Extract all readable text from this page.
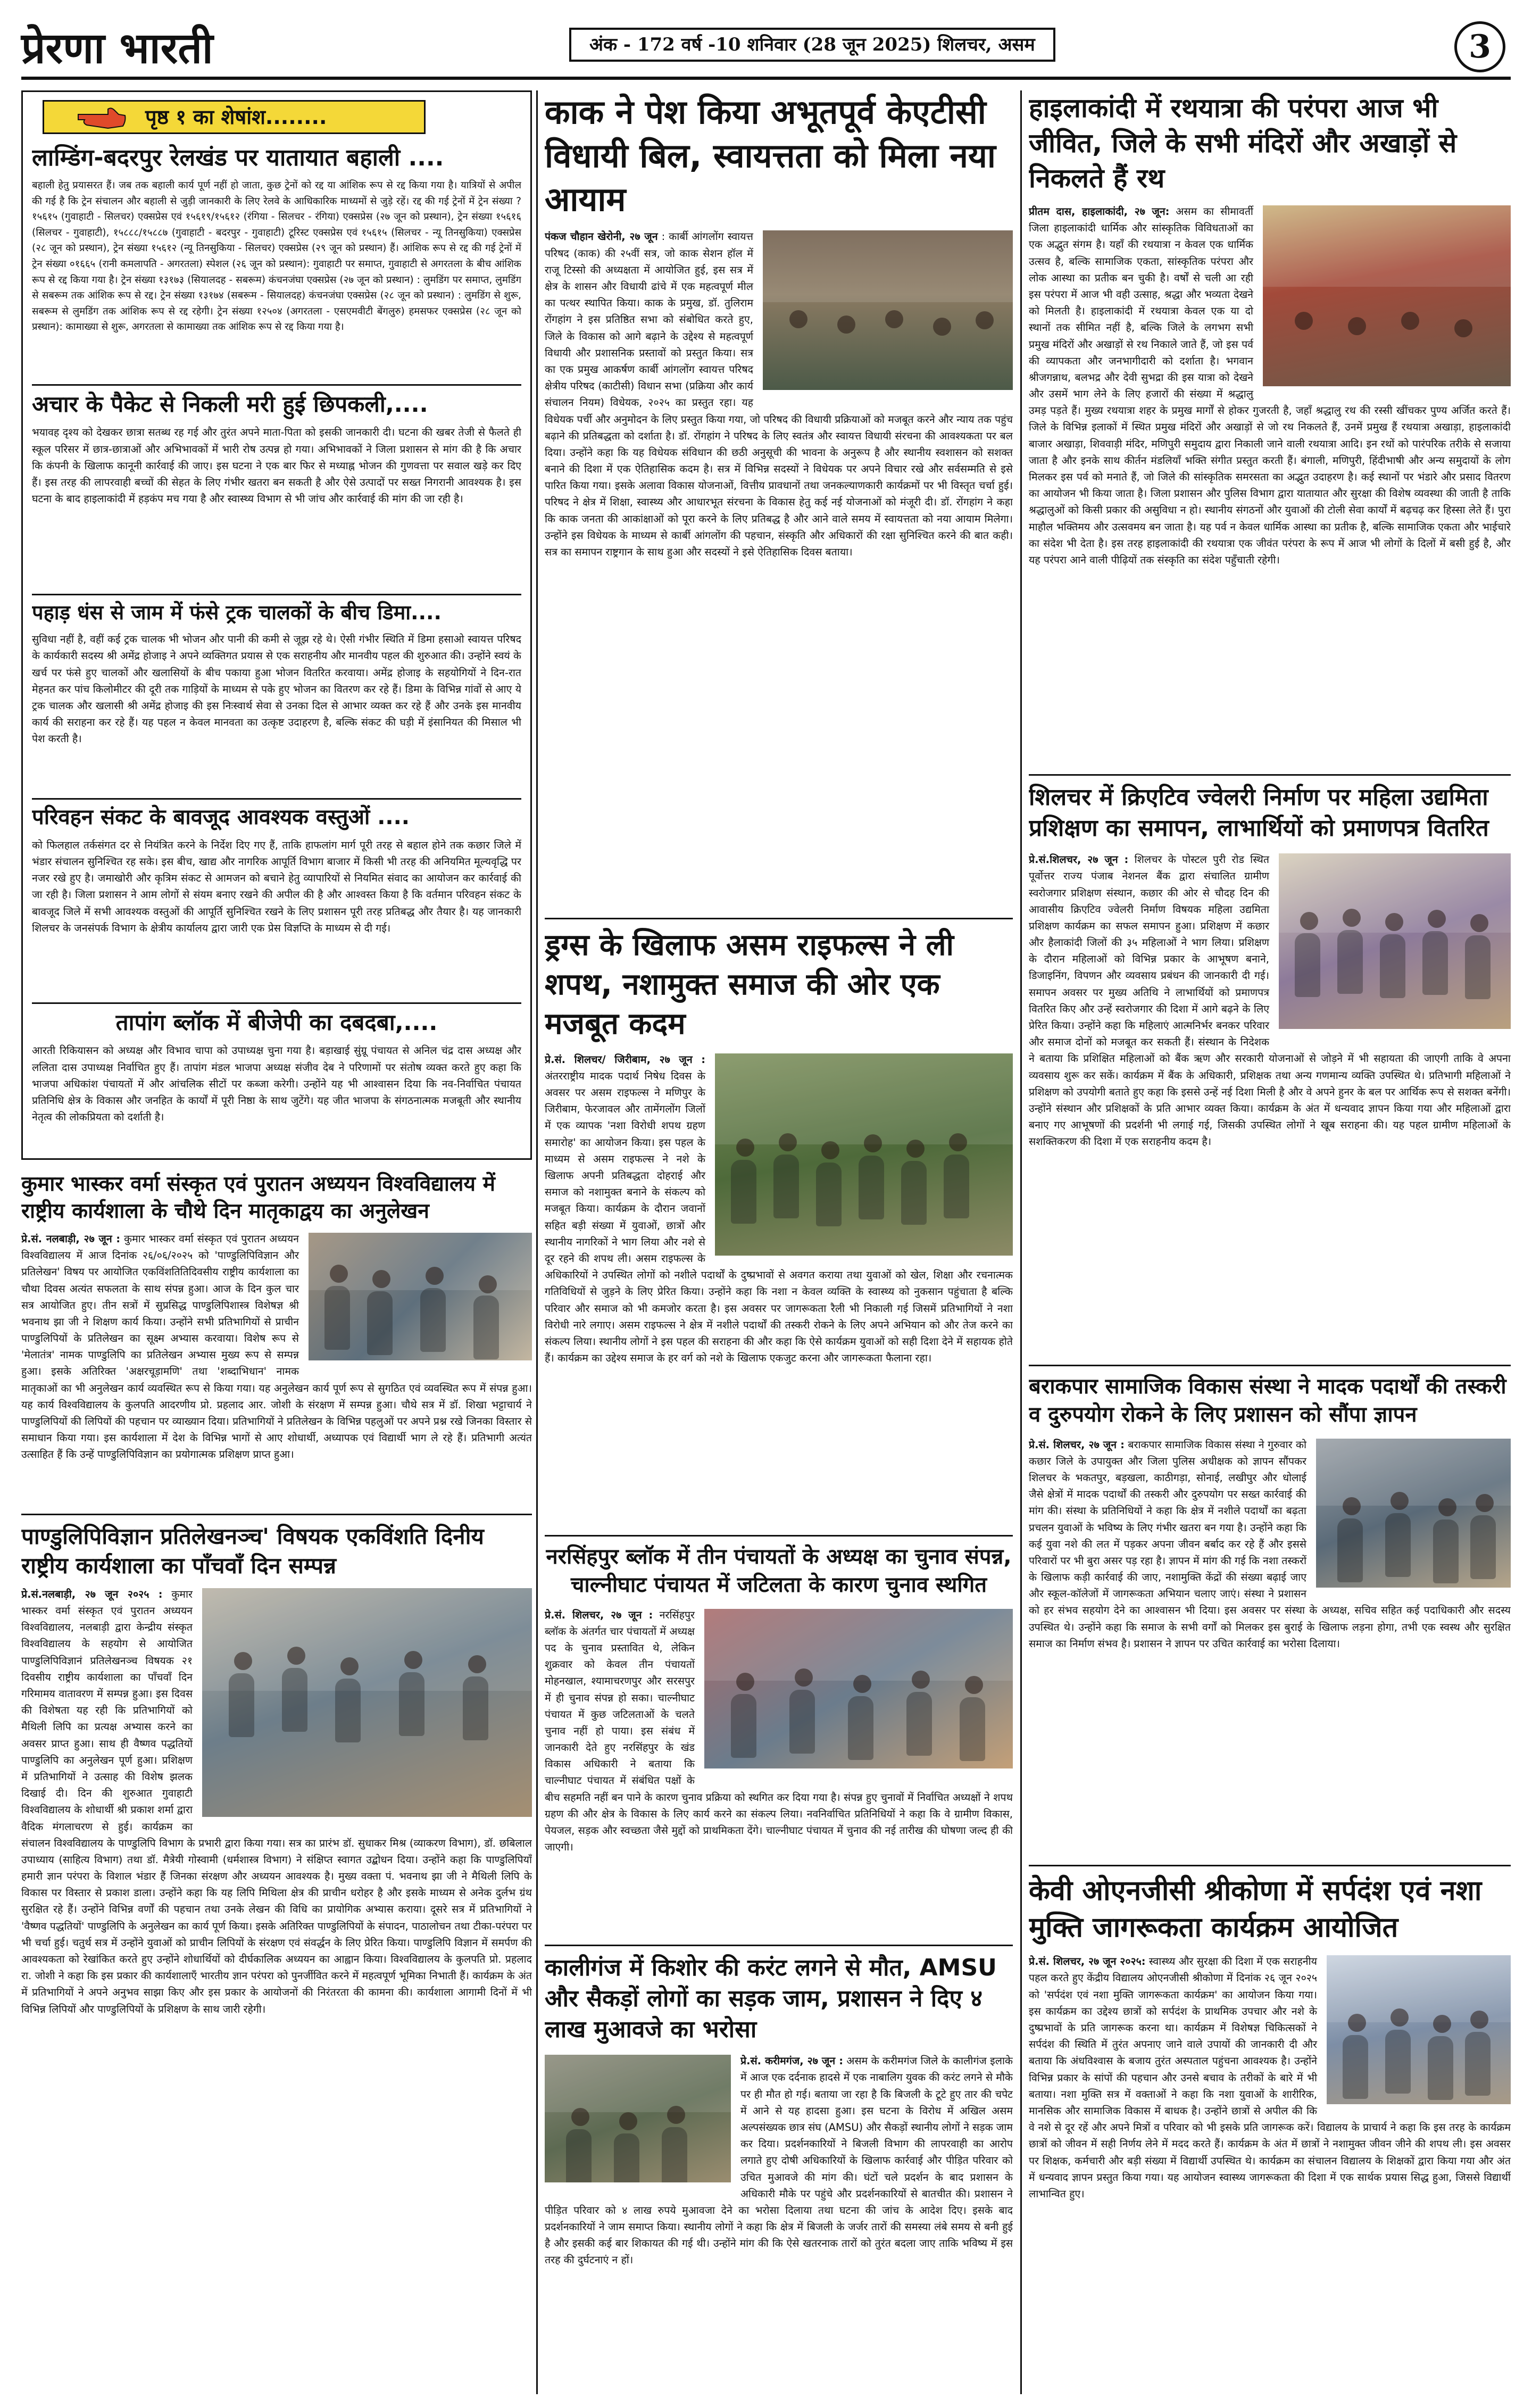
प्रेरणा भारती	अंक - 172 वर्ष -10 शनिवार (28 जून 2025) शिलचर, असम	3
पृष्ठ १ का शेषांश........
लाम्डिंग-बदरपुर रेलखंड पर यातायात बहाली ....
बहाली हेतु प्रयासरत हैं। जब तक बहाली कार्य पूर्ण नहीं हो जाता, कुछ ट्रेनों को रद्द या आंशिक रूप से रद्द किया गया है। यात्रियों से अपील की गई है कि ट्रेन संचालन और बहाली से जुड़ी जानकारी के लिए रेलवे के आधिकारिक माध्यमों से जुड़े रहें। रद्द की गई ट्रेनों में ट्रेन संख्या ?१५६१५ (गुवाहाटी - सिलचर) एक्सप्रेस एवं १५६१९/१५६१२ (रंगिया - सिलचर - रंगिया) एक्सप्रेस (२७ जून को प्रस्थान), ट्रेन संख्या १५६१६ (सिलचर - गुवाहाटी), १५८८८/१५८८७ (गुवाहाटी - बदरपुर - गुवाहाटी) टूरिस्ट एक्सप्रेस एवं १५६१५ (सिलचर - न्यू तिनसुकिया) एक्सप्रेस (२८ जून को प्रस्थान), ट्रेन संख्या १५६१२ (न्यू तिनसुकिया - सिलचर) एक्सप्रेस (२९ जून को प्रस्थान) हैं। आंशिक रूप से रद्द की गई ट्रेनों में ट्रेन संख्या ०१६६५ (रानी कमलापति - अगरतला) स्पेशल (२६ जून को प्रस्थान): गुवाहाटी पर समाप्त, गुवाहाटी से अगरतला के बीच आंशिक रूप से रद्द किया गया है। ट्रेन संख्या १३१७३ (सियालदह - सबरूम) कंचनजंघा एक्सप्रेस (२७ जून को प्रस्थान) : लुमडिंग पर समाप्त, लुमडिंग से सबरूम तक आंशिक रूप से रद्द। ट्रेन संख्या १३१७४ (सबरूम - सियालदह) कंचनजंघा एक्सप्रेस (२८ जून को प्रस्थान) : लुमडिंग से शुरू, सबरूम से लुमडिंग तक आंशिक रूप से रद्द रहेगी। ट्रेन संख्या १२५०४ (अगरतला - एसएमवीटी बेंगलुरु) हमसफर एक्सप्रेस (२८ जून को प्रस्थान): कामाख्या से शुरू, अगरतला से कामाख्या तक आंशिक रूप से रद्द किया गया है।
अचार के पैकेट से निकली मरी हुई छिपकली,....
भयावह दृश्य को देखकर छात्रा सतब्ध रह गई और तुरंत अपने माता-पिता को इसकी जानकारी दी। घटना की खबर तेजी से फैलते ही स्कूल परिसर में छात्र-छात्राओं और अभिभावकों में भारी रोष उत्पन्न हो गया। अभिभावकों ने जिला प्रशासन से मांग की है कि अचार कि कंपनी के खिलाफ कानूनी कार्रवाई की जाए। इस घटना ने एक बार फिर से मध्याह्न भोजन की गुणवत्ता पर सवाल खड़े कर दिए हैं। इस तरह की लापरवाही बच्चों की सेहत के लिए गंभीर खतरा बन सकती है और ऐसे उत्पादों पर सख्त निगरानी आवश्यक है। इस घटना के बाद हाइलाकांदी में हड़कंप मच गया है और स्वास्थ्य विभाग से भी जांच और कार्रवाई की मांग की जा रही है।
पहाड़ धंस से जाम में फंसे ट्रक चालकों के बीच डिमा....
सुविधा नहीं है, वहीं कई ट्रक चालक भी भोजन और पानी की कमी से जूझ रहे थे। ऐसी गंभीर स्थिति में डिमा हसाओ स्वायत्त परिषद के कार्यकारी सदस्य श्री अमेंद्र होजाइ ने अपने व्यक्तिगत प्रयास से एक सराहनीय और मानवीय पहल की शुरुआत की। उन्होंने स्वयं के खर्च पर फंसे हुए चालकों और खलासियों के बीच पकाया हुआ भोजन वितरित करवाया। अमेंद्र होजाइ के सहयोगियों ने दिन-रात मेहनत कर पांच किलोमीटर की दूरी तक गाड़ियों के माध्यम से पके हुए भोजन का वितरण कर रहे हैं। डिमा के विभिन्न गांवों से आए ये ट्रक चालक और खलासी श्री अमेंद्र होजाइ की इस निःस्वार्थ सेवा से उनका दिल से आभार व्यक्त कर रहे हैं और उनके इस मानवीय कार्य की सराहना कर रहे हैं। यह पहल न केवल मानवता का उत्कृष्ट उदाहरण है, बल्कि संकट की घड़ी में इंसानियत की मिसाल भी पेश करती है।
परिवहन संकट के बावजूद आवश्यक वस्तुओं ....
को फिलहाल तर्कसंगत दर से नियंत्रित करने के निर्देश दिए गए हैं, ताकि हाफलांग मार्ग पूरी तरह से बहाल होने तक कछार जिले में भंडार संचालन सुनिश्चित रह सके। इस बीच, खाद्य और नागरिक आपूर्ति विभाग बाजार में किसी भी तरह की अनियमित मूल्यवृद्धि पर नजर रखे हुए है। जमाखोरी और कृत्रिम संकट से आमजन को बचाने हेतु व्यापारियों से नियमित संवाद का आयोजन कर कार्रवाई की जा रही है। जिला प्रशासन ने आम लोगों से संयम बनाए रखने की अपील की है और आश्वस्त किया है कि वर्तमान परिवहन संकट के बावजूद जिले में सभी आवश्यक वस्तुओं की आपूर्ति सुनिश्चित रखने के लिए प्रशासन पूरी तरह प्रतिबद्ध और तैयार है। यह जानकारी शिलचर के जनसंपर्क विभाग के क्षेत्रीय कार्यालय द्वारा जारी एक प्रेस विज्ञप्ति के माध्यम से दी गई।
तापांग ब्लॉक में बीजेपी का दबदबा,....
आरती रिकियासन को अध्यक्ष और विभाव चापा को उपाध्यक्ष चुना गया है। बड़ाखाई सुंग्रू पंचायत से अनिल चंद्र दास अध्यक्ष और ललिता दास उपाध्यक्ष निर्वाचित हुए हैं। तापांग मंडल भाजपा अध्यक्ष संजीव देब ने परिणामों पर संतोष व्यक्त करते हुए कहा कि भाजपा अधिकांश पंचायतों में और आंचलिक सीटों पर कब्जा करेगी। उन्होंने यह भी आश्वासन दिया कि नव-निर्वाचित पंचायत प्रतिनिधि क्षेत्र के विकास और जनहित के कार्यों में पूरी निष्ठा के साथ जुटेंगे। यह जीत भाजपा के संगठनात्मक मजबूती और स्थानीय नेतृत्व की लोकप्रियता को दर्शाती है।
कुमार भास्कर वर्मा संस्कृत एवं पुरातन अध्ययन विश्वविद्यालय में राष्ट्रीय कार्यशाला के चौथे दिन मातृकाद्वय का अनुलेखन
प्रे.सं. नलबाड़ी, २७ जून : कुमार भास्कर वर्मा संस्कृत एवं पुरातन अध्ययन विश्वविद्यालय में आज दिनांक २६/०६/२०२५ को 'पाण्डुलिपिविज्ञान और प्रतिलेखन' विषय पर आयोजित एकविंशतितिदिवसीय राष्ट्रीय कार्यशाला का चौथा दिवस अत्यंत सफलता के साथ संपन्न हुआ। आज के दिन कुल चार सत्र आयोजित हुए। तीन सत्रों में सुप्रसिद्ध पाण्डुलिपिशास्त्र विशेषज्ञ श्री भवनाथ झा जी ने शिक्षण कार्य किया। उन्होंने सभी प्रतिभागियों से प्राचीन पाण्डुलिपियों के प्रतिलेखन का सूक्ष्म अभ्यास करवाया। विशेष रूप से 'मेलातंत्र' नामक पाण्डुलिपि का प्रतिलेखन अभ्यास मुख्य रूप से सम्पन्न हुआ। इसके अतिरिक्त 'अक्षरचूड़ामणि' तथा 'शब्दाभिधान' नामक मातृकाओं का भी अनुलेखन कार्य व्यवस्थित रूप से किया गया। यह अनुलेखन कार्य पूर्ण रूप से सुगठित एवं व्यवस्थित रूप में संपन्न हुआ। यह कार्य विश्वविद्यालय के कुलपति आदरणीय प्रो. प्रहलाद आर. जोशी के संरक्षण में सम्पन्न हुआ। चौथे सत्र में डॉ. शिखा भट्टाचार्य ने पाण्डुलिपियों की लिपियों की पहचान पर व्याख्यान दिया। प्रतिभागियों ने प्रतिलेखन के विभिन्न पहलुओं पर अपने प्रश्न रखे जिनका विस्तार से समाधान किया गया। इस कार्यशाला में देश के विभिन्न भागों से आए शोधार्थी, अध्यापक एवं विद्यार्थी भाग ले रहे हैं। प्रतिभागी अत्यंत उत्साहित हैं कि उन्हें पाण्डुलिपिविज्ञान का प्रयोगात्मक प्रशिक्षण प्राप्त हुआ।
पाण्डुलिपिविज्ञान प्रतिलेखनञ्च' विषयक एकविंशति दिनीय राष्ट्रीय कार्यशाला का पाँचवाँ दिन सम्पन्न
प्रे.सं.नलबाड़ी, २७ जून २०२५ : कुमार भास्कर वर्मा संस्कृत एवं पुरातन अध्ययन विश्वविद्यालय, नलबाड़ी द्वारा केन्द्रीय संस्कृत विश्वविद्यालय के सहयोग से आयोजित पाण्डुलिपिविज्ञानं प्रतिलेखनञ्च विषयक २१ दिवसीय राष्ट्रीय कार्यशाला का पाँचवाँ दिन गरिमामय वातावरण में सम्पन्न हुआ। इस दिवस की विशेषता यह रही कि प्रतिभागियों को मैथिली लिपि का प्रत्यक्ष अभ्यास करने का अवसर प्राप्त हुआ। साथ ही वैष्णव पद्धतियों पाण्डुलिपि का अनुलेखन पूर्ण हुआ। प्रशिक्षण में प्रतिभागियों ने उत्साह की विशेष झलक दिखाई दी। दिन की शुरुआत गुवाहाटी विश्वविद्यालय के शोधार्थी श्री प्रकाश शर्मा द्वारा वैदिक मंगलाचरण से हुई। कार्यक्रम का संचालन विश्वविद्यालय के पाण्डुलिपि विभाग के प्रभारी द्वारा किया गया। सत्र का प्रारंभ डॉ. सुधाकर मिश्र (व्याकरण विभाग), डॉ. छबिलाल उपाध्याय (साहित्य विभाग) तथा डॉ. मैत्रेयी गोस्वामी (धर्मशास्त्र विभाग) ने संक्षिप्त स्वागत उद्बोधन दिया। उन्होंने कहा कि पाण्डुलिपियाँ हमारी ज्ञान परंपरा के विशाल भंडार हैं जिनका संरक्षण और अध्ययन आवश्यक है। मुख्य वक्ता पं. भवनाथ झा जी ने मैथिली लिपि के विकास पर विस्तार से प्रकाश डाला। उन्होंने कहा कि यह लिपि मिथिला क्षेत्र की प्राचीन धरोहर है और इसके माध्यम से अनेक दुर्लभ ग्रंथ सुरक्षित रहे हैं। उन्होंने विभिन्न वर्णों की पहचान तथा उनके लेखन की विधि का प्रायोगिक अभ्यास कराया। दूसरे सत्र में प्रतिभागियों ने 'वैष्णव पद्धतियों' पाण्डुलिपि के अनुलेखन का कार्य पूर्ण किया। इसके अतिरिक्त पाण्डुलिपियों के संपादन, पाठालोचन तथा टीका-परंपरा पर भी चर्चा हुई। चतुर्थ सत्र में उन्होंने युवाओं को प्राचीन लिपियों के संरक्षण एवं संवर्द्धन के लिए प्रेरित किया। पाण्डुलिपि विज्ञान में समर्पण की आवश्यकता को रेखांकित करते हुए उन्होंने शोधार्थियों को दीर्घकालिक अध्ययन का आह्वान किया। विश्वविद्यालय के कुलपति प्रो. प्रहलाद रा. जोशी ने कहा कि इस प्रकार की कार्यशालाएँ भारतीय ज्ञान परंपरा को पुनर्जीवित करने में महत्वपूर्ण भूमिका निभाती हैं। कार्यक्रम के अंत में प्रतिभागियों ने अपने अनुभव साझा किए और इस प्रकार के आयोजनों की निरंतरता की कामना की। कार्यशाला आगामी दिनों में भी विभिन्न लिपियों और पाण्डुलिपियों के प्रशिक्षण के साथ जारी रहेगी।
काक ने पेश किया अभूतपूर्व केएटीसी विधायी बिल, स्वायत्तता को मिला नया आयाम
पंकज चौहान खेरोनी, २७ जून : कार्बी आंगलोंग स्वायत्त परिषद (काक) की २५वीं सत्र, जो काक सेशन हॉल में राजू टिस्सो की अध्यक्षता में आयोजित हुई, इस सत्र में क्षेत्र के शासन और विधायी ढांचे में एक महत्वपूर्ण मील का पत्थर स्थापित किया। काक के प्रमुख, डॉ. तुलिराम रोंगहांग ने इस प्रतिष्ठित सभा को संबोधित करते हुए, जिले के विकास को आगे बढ़ाने के उद्देश्य से महत्वपूर्ण विधायी और प्रशासनिक प्रस्तावों को प्रस्तुत किया। सत्र का एक प्रमुख आकर्षण कार्बी आंगलोंग स्वायत्त परिषद क्षेत्रीय परिषद (काटीसी) विधान सभा (प्रक्रिया और कार्य संचालन नियम) विधेयक, २०२५ का प्रस्तुत रहा। यह विधेयक पर्ची और अनुमोदन के लिए प्रस्तुत किया गया, जो परिषद की विधायी प्रक्रियाओं को मजबूत करने और न्याय तक पहुंच बढ़ाने की प्रतिबद्धता को दर्शाता है। डॉ. रोंगहांग ने परिषद के लिए स्वतंत्र और स्वायत्त विधायी संरचना की आवश्यकता पर बल दिया। उन्होंने कहा कि यह विधेयक संविधान की छठी अनुसूची की भावना के अनुरूप है और स्थानीय स्वशासन को सशक्त बनाने की दिशा में एक ऐतिहासिक कदम है। सत्र में विभिन्न सदस्यों ने विधेयक पर अपने विचार रखे और सर्वसम्मति से इसे पारित किया गया। इसके अलावा विकास योजनाओं, वित्तीय प्रावधानों तथा जनकल्याणकारी कार्यक्रमों पर भी विस्तृत चर्चा हुई। परिषद ने क्षेत्र में शिक्षा, स्वास्थ्य और आधारभूत संरचना के विकास हेतु कई नई योजनाओं को मंजूरी दी। डॉ. रोंगहांग ने कहा कि काक जनता की आकांक्षाओं को पूरा करने के लिए प्रतिबद्ध है और आने वाले समय में स्वायत्तता को नया आयाम मिलेगा। उन्होंने इस विधेयक के माध्यम से कार्बी आंगलोंग की पहचान, संस्कृति और अधिकारों की रक्षा सुनिश्चित करने की बात कही। सत्र का समापन राष्ट्रगान के साथ हुआ और सदस्यों ने इसे ऐतिहासिक दिवस बताया।
ड्रग्स के खिलाफ असम राइफल्स ने ली शपथ, नशामुक्त समाज की ओर एक मजबूत कदम
प्रे.सं. शिलचर/ जिरीबाम, २७ जून : अंतरराष्ट्रीय मादक पदार्थ निषेध दिवस के अवसर पर असम राइफल्स ने मणिपुर के जिरीबाम, फेरजावल और तामेंगलोंग जिलों में एक व्यापक 'नशा विरोधी शपथ ग्रहण समारोह' का आयोजन किया। इस पहल के माध्यम से असम राइफल्स ने नशे के खिलाफ अपनी प्रतिबद्धता दोहराई और समाज को नशामुक्त बनाने के संकल्प को मजबूत किया। कार्यक्रम के दौरान जवानों सहित बड़ी संख्या में युवाओं, छात्रों और स्थानीय नागरिकों ने भाग लिया और नशे से दूर रहने की शपथ ली। असम राइफल्स के अधिकारियों ने उपस्थित लोगों को नशीले पदार्थों के दुष्प्रभावों से अवगत कराया तथा युवाओं को खेल, शिक्षा और रचनात्मक गतिविधियों से जुड़ने के लिए प्रेरित किया। उन्होंने कहा कि नशा न केवल व्यक्ति के स्वास्थ्य को नुकसान पहुंचाता है बल्कि परिवार और समाज को भी कमजोर करता है। इस अवसर पर जागरूकता रैली भी निकाली गई जिसमें प्रतिभागियों ने नशा विरोधी नारे लगाए। असम राइफल्स ने क्षेत्र में नशीले पदार्थों की तस्करी रोकने के लिए अपने अभियान को और तेज करने का संकल्प लिया। स्थानीय लोगों ने इस पहल की सराहना की और कहा कि ऐसे कार्यक्रम युवाओं को सही दिशा देने में सहायक होते हैं। कार्यक्रम का उद्देश्य समाज के हर वर्ग को नशे के खिलाफ एकजुट करना और जागरूकता फैलाना रहा।
नरसिंहपुर ब्लॉक में तीन पंचायतों के अध्यक्ष का चुनाव संपन्न, चाल्नीघाट पंचायत में जटिलता के कारण चुनाव स्थगित
प्रे.सं. शिलचर, २७ जून : नरसिंहपुर ब्लॉक के अंतर्गत चार पंचायतों में अध्यक्ष पद के चुनाव प्रस्तावित थे, लेकिन शुक्रवार को केवल तीन पंचायतों मोहनखाल, श्यामाचरणपुर और सरसपुर में ही चुनाव संपन्न हो सका। चाल्नीघाट पंचायत में कुछ जटिलताओं के चलते चुनाव नहीं हो पाया। इस संबंध में जानकारी देते हुए नरसिंहपुर के खंड विकास अधिकारी ने बताया कि चाल्नीघाट पंचायत में संबंधित पक्षों के बीच सहमति नहीं बन पाने के कारण चुनाव प्रक्रिया को स्थगित कर दिया गया है। संपन्न हुए चुनावों में निर्वाचित अध्यक्षों ने शपथ ग्रहण की और क्षेत्र के विकास के लिए कार्य करने का संकल्प लिया। नवनिर्वाचित प्रतिनिधियों ने कहा कि वे ग्रामीण विकास, पेयजल, सड़क और स्वच्छता जैसे मुद्दों को प्राथमिकता देंगे। चाल्नीघाट पंचायत में चुनाव की नई तारीख की घोषणा जल्द ही की जाएगी।
कालीगंज में किशोर की करंट लगने से मौत, AMSU और सैकड़ों लोगों का सड़क जाम, प्रशासन ने दिए ४ लाख मुआवजे का भरोसा
प्रे.सं. करीमगंज, २७ जून : असम के करीमगंज जिले के कालीगंज इलाके में आज एक दर्दनाक हादसे में एक नाबालिग युवक की करंट लगने से मौके पर ही मौत हो गई। बताया जा रहा है कि बिजली के टूटे हुए तार की चपेट में आने से यह हादसा हुआ। इस घटना के विरोध में अखिल असम अल्पसंख्यक छात्र संघ (AMSU) और सैकड़ों स्थानीय लोगों ने सड़क जाम कर दिया। प्रदर्शनकारियों ने बिजली विभाग की लापरवाही का आरोप लगाते हुए दोषी अधिकारियों के खिलाफ कार्रवाई और पीड़ित परिवार को उचित मुआवजे की मांग की। घंटों चले प्रदर्शन के बाद प्रशासन के अधिकारी मौके पर पहुंचे और प्रदर्शनकारियों से बातचीत की। प्रशासन ने पीड़ित परिवार को ४ लाख रुपये मुआवजा देने का भरोसा दिलाया तथा घटना की जांच के आदेश दिए। इसके बाद प्रदर्शनकारियों ने जाम समाप्त किया। स्थानीय लोगों ने कहा कि क्षेत्र में बिजली के जर्जर तारों की समस्या लंबे समय से बनी हुई है और इसकी कई बार शिकायत की गई थी। उन्होंने मांग की कि ऐसे खतरनाक तारों को तुरंत बदला जाए ताकि भविष्य में इस तरह की दुर्घटनाएं न हों।
हाइलाकांदी में रथयात्रा की परंपरा आज भी जीवित, जिले के सभी मंदिरों और अखाड़ों से निकलते हैं रथ
प्रीतम दास, हाइलाकांदी, २७ जून: असम का सीमावर्ती जिला हाइलाकांदी धार्मिक और सांस्कृतिक विविधताओं का एक अद्भुत संगम है। यहाँ की रथयात्रा न केवल एक धार्मिक उत्सव है, बल्कि सामाजिक एकता, सांस्कृतिक परंपरा और लोक आस्था का प्रतीक बन चुकी है। वर्षों से चली आ रही इस परंपरा में आज भी वही उत्साह, श्रद्धा और भव्यता देखने को मिलती है। हाइलाकांदी में रथयात्रा केवल एक या दो स्थानों तक सीमित नहीं है, बल्कि जिले के लगभग सभी प्रमुख मंदिरों और अखाड़ों से रथ निकाले जाते हैं, जो इस पर्व की व्यापकता और जनभागीदारी को दर्शाता है। भगवान श्रीजगन्नाथ, बलभद्र और देवी सुभद्रा की इस यात्रा को देखने और उसमें भाग लेने के लिए हजारों की संख्या में श्रद्धालु उमड़ पड़ते हैं। मुख्य रथयात्रा शहर के प्रमुख मार्गों से होकर गुजरती है, जहाँ श्रद्धालु रथ की रस्सी खींचकर पुण्य अर्जित करते हैं। जिले के विभिन्न इलाकों में स्थित प्रमुख मंदिरों और अखाड़ों से जो रथ निकलते हैं, उनमें प्रमुख हैं रथयात्रा अखाड़ा, हाइलाकांदी बाजार अखाड़ा, शिववाड़ी मंदिर, मणिपुरी समुदाय द्वारा निकाली जाने वाली रथयात्रा आदि। इन रथों को पारंपरिक तरीके से सजाया जाता है और इनके साथ कीर्तन मंडलियाँ भक्ति संगीत प्रस्तुत करती हैं। बंगाली, मणिपुरी, हिंदीभाषी और अन्य समुदायों के लोग मिलकर इस पर्व को मनाते हैं, जो जिले की सांस्कृतिक समरसता का अद्भुत उदाहरण है। कई स्थानों पर भंडारे और प्रसाद वितरण का आयोजन भी किया जाता है। जिला प्रशासन और पुलिस विभाग द्वारा यातायात और सुरक्षा की विशेष व्यवस्था की जाती है ताकि श्रद्धालुओं को किसी प्रकार की असुविधा न हो। स्थानीय संगठनों और युवाओं की टोली सेवा कार्यों में बढ़चढ़ कर हिस्सा लेते हैं। पुरा माहौल भक्तिमय और उत्सवमय बन जाता है। यह पर्व न केवल धार्मिक आस्था का प्रतीक है, बल्कि सामाजिक एकता और भाईचारे का संदेश भी देता है। इस तरह हाइलाकांदी की रथयात्रा एक जीवंत परंपरा के रूप में आज भी लोगों के दिलों में बसी हुई है, और यह परंपरा आने वाली पीढ़ियों तक संस्कृति का संदेश पहुँचाती रहेगी।
शिलचर में क्रिएटिव ज्वेलरी निर्माण पर महिला उद्यमिता प्रशिक्षण का समापन, लाभार्थियों को प्रमाणपत्र वितरित
प्रे.सं.शिलचर, २७ जून : शिलचर के पोस्टल पुरी रोड स्थित पूर्वोत्तर राज्य पंजाब नेशनल बैंक द्वारा संचालित ग्रामीण स्वरोजगार प्रशिक्षण संस्थान, कछार की ओर से चौदह दिन की आवासीय क्रिएटिव ज्वेलरी निर्माण विषयक महिला उद्यमिता प्रशिक्षण कार्यक्रम का सफल समापन हुआ। प्रशिक्षण में कछार और हैलाकांदी जिलों की ३५ महिलाओं ने भाग लिया। प्रशिक्षण के दौरान महिलाओं को विभिन्न प्रकार के आभूषण बनाने, डिजाइनिंग, विपणन और व्यवसाय प्रबंधन की जानकारी दी गई। समापन अवसर पर मुख्य अतिथि ने लाभार्थियों को प्रमाणपत्र वितरित किए और उन्हें स्वरोजगार की दिशा में आगे बढ़ने के लिए प्रेरित किया। उन्होंने कहा कि महिलाएं आत्मनिर्भर बनकर परिवार और समाज दोनों को मजबूत कर सकती हैं। संस्थान के निदेशक ने बताया कि प्रशिक्षित महिलाओं को बैंक ऋण और सरकारी योजनाओं से जोड़ने में भी सहायता की जाएगी ताकि वे अपना व्यवसाय शुरू कर सकें। कार्यक्रम में बैंक के अधिकारी, प्रशिक्षक तथा अन्य गणमान्य व्यक्ति उपस्थित थे। प्रतिभागी महिलाओं ने प्रशिक्षण को उपयोगी बताते हुए कहा कि इससे उन्हें नई दिशा मिली है और वे अपने हुनर के बल पर आर्थिक रूप से सशक्त बनेंगी। उन्होंने संस्थान और प्रशिक्षकों के प्रति आभार व्यक्त किया। कार्यक्रम के अंत में धन्यवाद ज्ञापन किया गया और महिलाओं द्वारा बनाए गए आभूषणों की प्रदर्शनी भी लगाई गई, जिसकी उपस्थित लोगों ने खूब सराहना की। यह पहल ग्रामीण महिलाओं के सशक्तिकरण की दिशा में एक सराहनीय कदम है।
बराकपार सामाजिक विकास संस्था ने मादक पदार्थों की तस्करी व दुरुपयोग रोकने के लिए प्रशासन को सौंपा ज्ञापन
प्रे.सं. शिलचर, २७ जून : बराकपार सामाजिक विकास संस्था ने गुरुवार को कछार जिले के उपायुक्त और जिला पुलिस अधीक्षक को ज्ञापन सौंपकर शिलचर के भकतपुर, बड़खला, काठीगड़ा, सोनाई, लखीपुर और धोलाई जैसे क्षेत्रों में मादक पदार्थों की तस्करी और दुरुपयोग पर सख्त कार्रवाई की मांग की। संस्था के प्रतिनिधियों ने कहा कि क्षेत्र में नशीले पदार्थों का बढ़ता प्रचलन युवाओं के भविष्य के लिए गंभीर खतरा बन गया है। उन्होंने कहा कि कई युवा नशे की लत में पड़कर अपना जीवन बर्बाद कर रहे हैं और इससे परिवारों पर भी बुरा असर पड़ रहा है। ज्ञापन में मांग की गई कि नशा तस्करों के खिलाफ कड़ी कार्रवाई की जाए, नशामुक्ति केंद्रों की संख्या बढ़ाई जाए और स्कूल-कॉलेजों में जागरूकता अभियान चलाए जाएं। संस्था ने प्रशासन को हर संभव सहयोग देने का आश्वासन भी दिया। इस अवसर पर संस्था के अध्यक्ष, सचिव सहित कई पदाधिकारी और सदस्य उपस्थित थे। उन्होंने कहा कि समाज के सभी वर्गों को मिलकर इस बुराई के खिलाफ लड़ना होगा, तभी एक स्वस्थ और सुरक्षित समाज का निर्माण संभव है। प्रशासन ने ज्ञापन पर उचित कार्रवाई का भरोसा दिलाया।
केवी ओएनजीसी श्रीकोणा में सर्पदंश एवं नशा मुक्ति जागरूकता कार्यक्रम आयोजित
प्रे.सं. शिलचर, २७ जून २०२५: स्वास्थ्य और सुरक्षा की दिशा में एक सराहनीय पहल करते हुए केंद्रीय विद्यालय ओएनजीसी श्रीकोणा में दिनांक २६ जून २०२५ को 'सर्पदंश एवं नशा मुक्ति जागरूकता कार्यक्रम' का आयोजन किया गया। इस कार्यक्रम का उद्देश्य छात्रों को सर्पदंश के प्राथमिक उपचार और नशे के दुष्प्रभावों के प्रति जागरूक करना था। कार्यक्रम में विशेषज्ञ चिकित्सकों ने सर्पदंश की स्थिति में तुरंत अपनाए जाने वाले उपायों की जानकारी दी और बताया कि अंधविश्वास के बजाय तुरंत अस्पताल पहुंचना आवश्यक है। उन्होंने विभिन्न प्रकार के सांपों की पहचान और उनसे बचाव के तरीकों के बारे में भी बताया। नशा मुक्ति सत्र में वक्ताओं ने कहा कि नशा युवाओं के शारीरिक, मानसिक और सामाजिक विकास में बाधक है। उन्होंने छात्रों से अपील की कि वे नशे से दूर रहें और अपने मित्रों व परिवार को भी इसके प्रति जागरूक करें। विद्यालय के प्राचार्य ने कहा कि इस तरह के कार्यक्रम छात्रों को जीवन में सही निर्णय लेने में मदद करते हैं। कार्यक्रम के अंत में छात्रों ने नशामुक्त जीवन जीने की शपथ ली। इस अवसर पर शिक्षक, कर्मचारी और बड़ी संख्या में विद्यार्थी उपस्थित थे। कार्यक्रम का संचालन विद्यालय के शिक्षकों द्वारा किया गया और अंत में धन्यवाद ज्ञापन प्रस्तुत किया गया। यह आयोजन स्वास्थ्य जागरूकता की दिशा में एक सार्थक प्रयास सिद्ध हुआ, जिससे विद्यार्थी लाभान्वित हुए।
